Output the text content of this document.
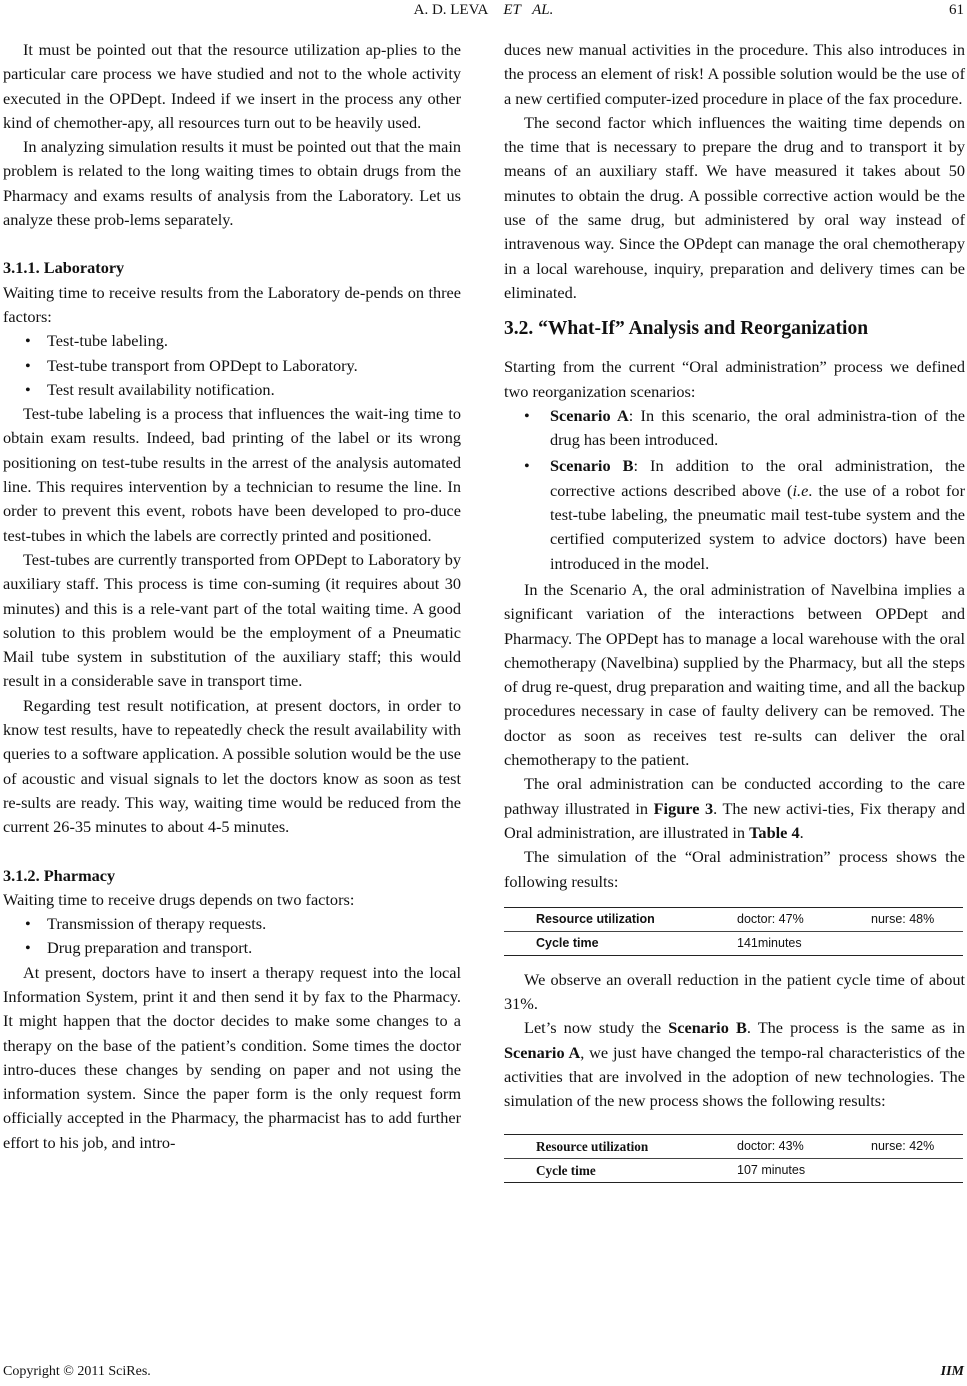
A. D. LEVA ET AL.	61

It must be pointed out that the resource utilization ap-plies to the particular care process we have studied and not to the whole activity executed in the OPDept. Indeed if we insert in the process any other kind of chemother-apy, all resources turn out to be heavily used.

In analyzing simulation results it must be pointed out that the main problem is related to the long waiting times to obtain drugs from the Pharmacy and exams results of analysis from the Laboratory. Let us analyze these prob-lems separately.

3.1.1. Laboratory

Waiting time to receive results from the Laboratory de-pends on three factors:

• Test-tube labeling.
• Test-tube transport from OPDept to Laboratory.
• Test result availability notification.

Test-tube labeling is a process that influences the wait-ing time to obtain exam results. Indeed, bad printing of the label or its wrong positioning on test-tube results in the arrest of the analysis automated line. This requires intervention by a technician to resume the line. In order to prevent this event, robots have been developed to pro-duce test-tubes in which the labels are correctly printed and positioned.

Test-tubes are currently transported from OPDept to Laboratory by auxiliary staff. This process is time con-suming (it requires about 30 minutes) and this is a rele-vant part of the total waiting time. A good solution to this problem would be the employment of a Pneumatic Mail tube system in substitution of the auxiliary staff; this would result in a considerable save in transport time.

Regarding test result notification, at present doctors, in order to know test results, have to repeatedly check the result availability with queries to a software application. A possible solution would be the use of acoustic and visual signals to let the doctors know as soon as test re-sults are ready. This way, waiting time would be reduced from the current 26-35 minutes to about 4-5 minutes.

3.1.2. Pharmacy

Waiting time to receive drugs depends on two factors:

• Transmission of therapy requests.
• Drug preparation and transport.

At present, doctors have to insert a therapy request into the local Information System, print it and then send it by fax to the Pharmacy. It might happen that the doctor decides to make some changes to a therapy on the base of the patient’s condition. Some times the doctor intro-duces these changes by sending on paper and not using the information system. Since the paper form is the only request form officially accepted in the Pharmacy, the pharmacist has to add further effort to his job, and intro-

duces new manual activities in the procedure. This also introduces in the process an element of risk! A possible solution would be the use of a new certified computer-ized procedure in place of the fax procedure.

The second factor which influences the waiting time depends on the time that is necessary to prepare the drug and to transport it by means of an auxiliary staff. We have measured it takes about 50 minutes to obtain the drug. A possible corrective action would be the use of the same drug, but administered by oral way instead of intravenous way. Since the OPdept can manage the oral chemotherapy in a local warehouse, inquiry, preparation and delivery times can be eliminated.

3.2. “What-If” Analysis and Reorganization

Starting from the current “Oral administration” process we defined two reorganization scenarios:

• Scenario A: In this scenario, the oral administra-tion of the drug has been introduced.
• Scenario B: In addition to the oral administration, the corrective actions described above (i.e. the use of a robot for test-tube labeling, the pneumatic mail test-tube system and the certified computerized system to advice doctors) have been introduced in the model.

In the Scenario A, the oral administration of Navelbina implies a significant variation of the interactions between OPDept and Pharmacy. The OPDept has to manage a local warehouse with the oral chemotherapy (Navelbina) supplied by the Pharmacy, but all the steps of drug re-quest, drug preparation and waiting time, and all the backup procedures necessary in case of faulty delivery can be removed. The doctor as soon as receives test re-sults can deliver the oral chemotherapy to the patient.

The oral administration can be conducted according to the care pathway illustrated in Figure 3. The new activi-ties, Fix therapy and Oral administration, are illustrated in Table 4.

The simulation of the “Oral administration” process shows the following results:

Resource utilization	doctor: 47%	nurse: 48%
Cycle time	141minutes

We observe an overall reduction in the patient cycle time of about 31%.

Let’s now study the Scenario B. The process is the same as in Scenario A, we just have changed the tempo-ral characteristics of the activities that are involved in the adoption of new technologies. The simulation of the new process shows the following results:

Resource utilization	doctor: 43%	nurse: 42%
Cycle time	107 minutes
Copyright © 2011 SciRes.	IIM
